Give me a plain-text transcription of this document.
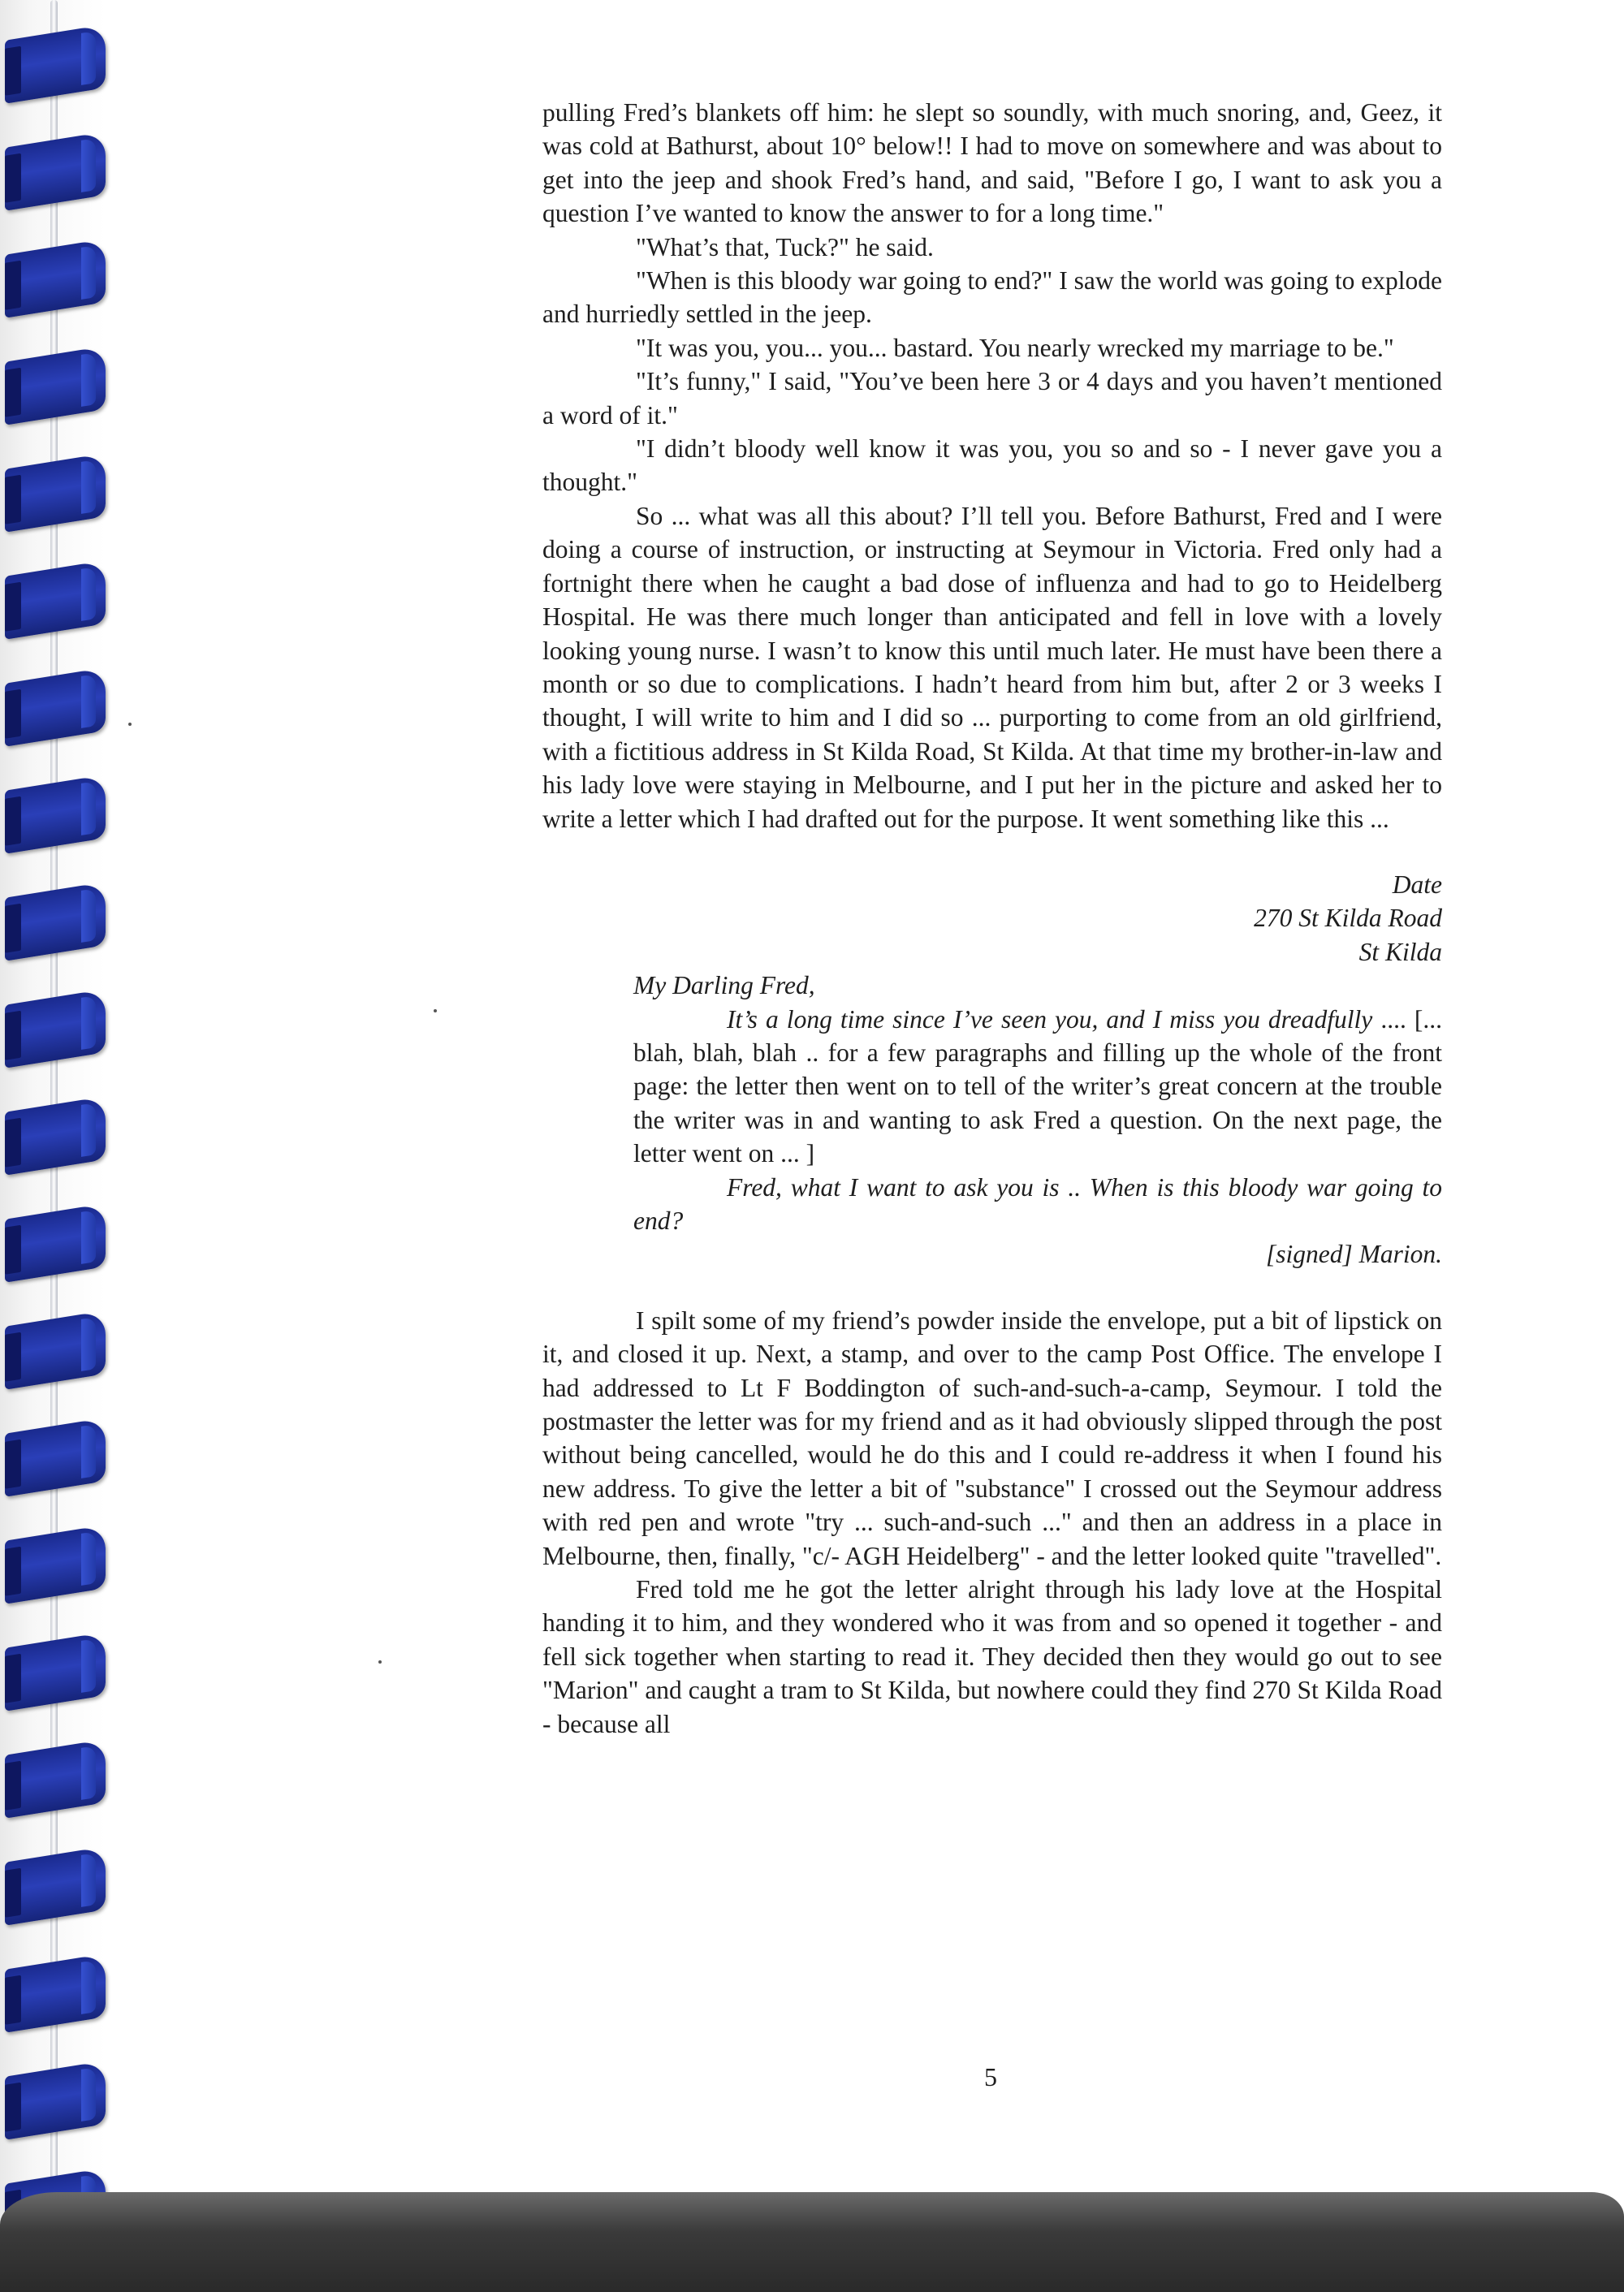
pulling Fred’s blankets off him: he slept so soundly, with much snoring, and, Geez, it was cold at Bathurst, about 10° below!! I had to move on somewhere and was about to get into the jeep and shook Fred’s hand, and said, "Before I go, I want to ask you a question I’ve wanted to know the answer to for a long time."

"What’s that, Tuck?" he said.

"When is this bloody war going to end?" I saw the world was going to explode and hurriedly settled in the jeep.

"It was you, you... you... bastard. You nearly wrecked my marriage to be."

"It’s funny," I said, "You’ve been here 3 or 4 days and you haven’t mentioned a word of it."

"I didn’t bloody well know it was you, you so and so - I never gave you a thought."

So ... what was all this about? I’ll tell you. Before Bathurst, Fred and I were doing a course of instruction, or instructing at Seymour in Victoria. Fred only had a fortnight there when he caught a bad dose of influenza and had to go to Heidelberg Hospital. He was there much longer than anticipated and fell in love with a lovely looking young nurse. I wasn’t to know this until much later. He must have been there a month or so due to complications. I hadn’t heard from him but, after 2 or 3 weeks I thought, I will write to him and I did so ... purporting to come from an old girlfriend, with a fictitious address in St Kilda Road, St Kilda. At that time my brother-in-law and his lady love were staying in Melbourne, and I put her in the picture and asked her to write a letter which I had drafted out for the purpose. It went something like this ...

Date

270 St Kilda Road

St Kilda

My Darling Fred,

It’s a long time since I’ve seen you, and I miss you dreadfully .... [... blah, blah, blah .. for a few paragraphs and filling up the whole of the front page: the letter then went on to tell of the writer’s great concern at the trouble the writer was in and wanting to ask Fred a question. On the next page, the letter went on ... ]

Fred, what I want to ask you is .. When is this bloody war going to end?

[signed] Marion.

I spilt some of my friend’s powder inside the envelope, put a bit of lipstick on it, and closed it up. Next, a stamp, and over to the camp Post Office. The envelope I had addressed to Lt F Boddington of such-and-such-a-camp, Seymour. I told the postmaster the letter was for my friend and as it had obviously slipped through the post without being cancelled, would he do this and I could re-address it when I found his new address. To give the letter a bit of "substance" I crossed out the Seymour address with red pen and wrote "try ... such-and-such ..." and then an address in a place in Melbourne, then, finally, "c/- AGH Heidelberg" - and the letter looked quite "travelled".

Fred told me he got the letter alright through his lady love at the Hospital handing it to him, and they wondered who it was from and so opened it together - and fell sick together when starting to read it. They decided then they would go out to see "Marion" and caught a tram to St Kilda, but nowhere could they find 270 St Kilda Road - because all

5
